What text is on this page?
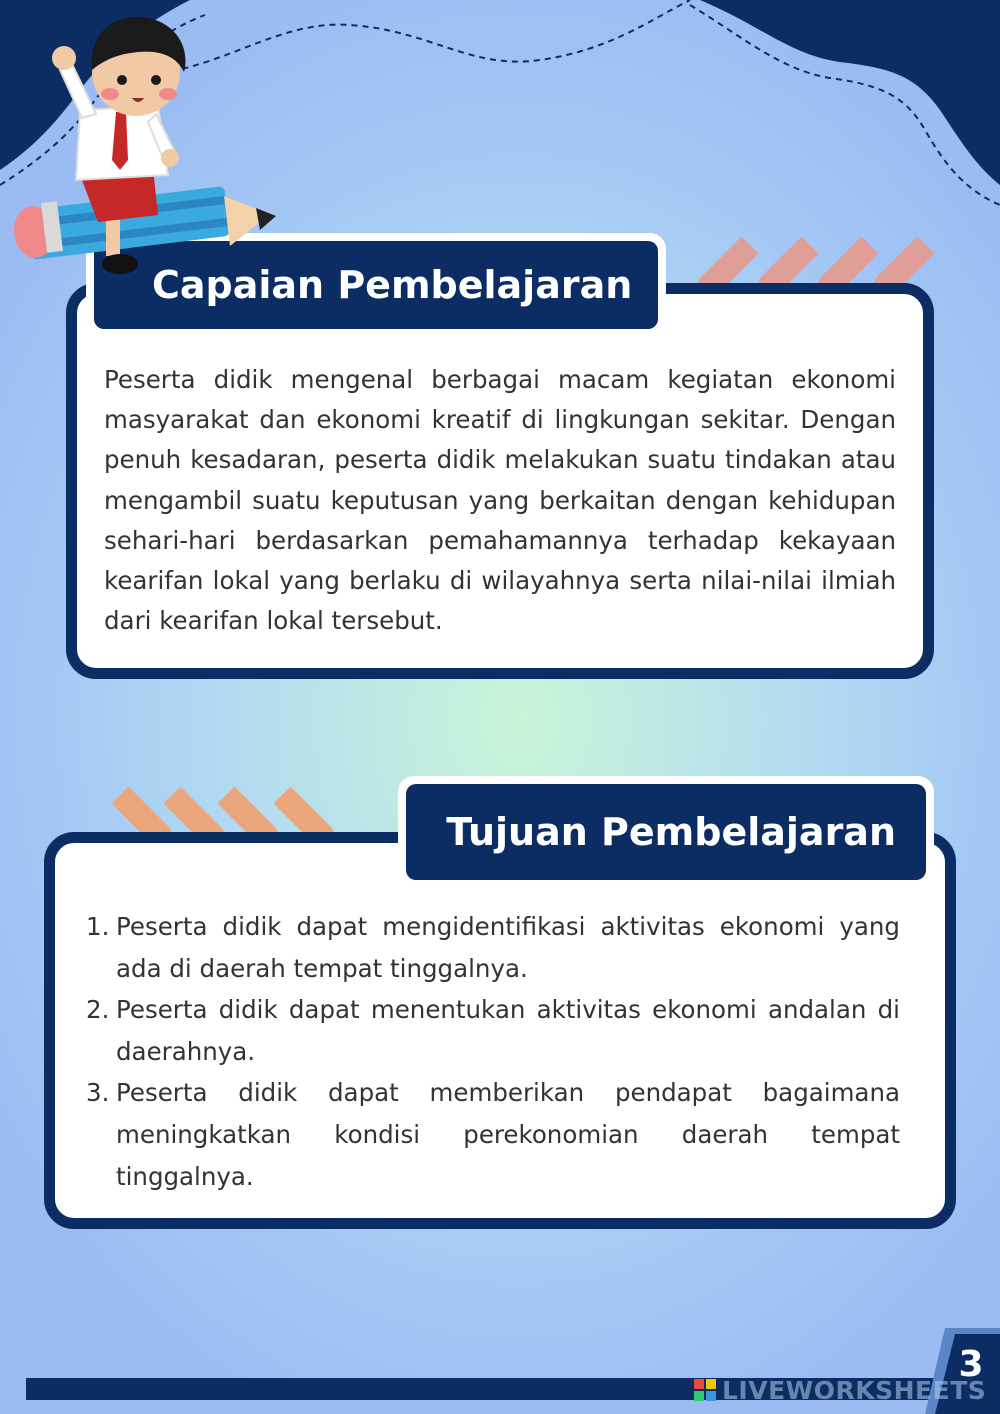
Capaian Pembelajaran

Peserta didik mengenal berbagai macam kegiatan ekonomi masyarakat dan ekonomi kreatif di lingkungan sekitar. Dengan penuh kesadaran, peserta didik melakukan suatu tindakan atau mengambil suatu keputusan yang berkaitan dengan kehidupan sehari-hari berdasarkan pemahamannya terhadap kekayaan kearifan lokal yang berlaku di wilayahnya serta nilai-nilai ilmiah dari kearifan lokal tersebut.

Tujuan Pembelajaran
1. Peserta didik dapat mengidentifikasi aktivitas ekonomi yang ada di daerah tempat tinggalnya.
2. Peserta didik dapat menentukan aktivitas ekonomi andalan di daerahnya.
3. Peserta didik dapat memberikan pendapat bagaimana meningkatkan kondisi perekonomian daerah tempat tinggalnya.
3
LIVEWORKSHEETS
